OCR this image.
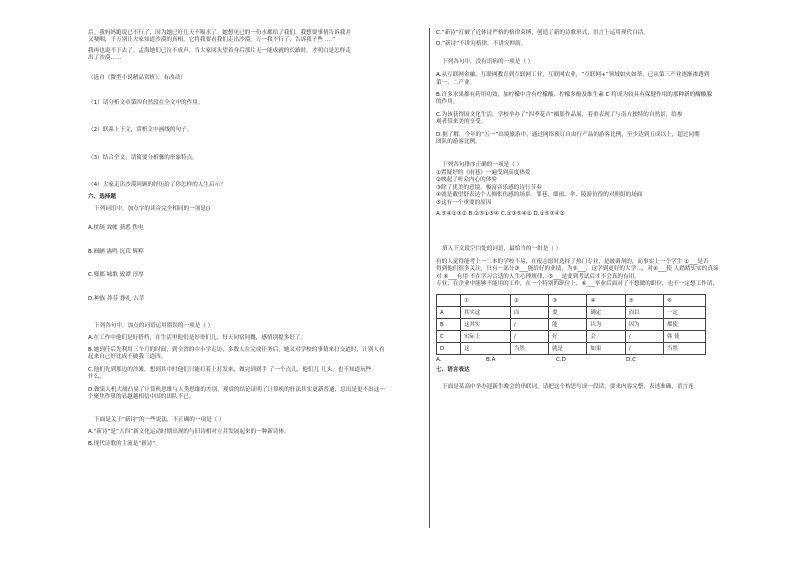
后。我妈妈跑说已不行了，因为她已好几天不喝水了。她想见已的一份水都给了我们，我想要事情告诉我并

又哽咽，千万别让大家知道沙漠的真相，它将我要看我们走出沙漠。万一我不行了，告诉我子些 ….”

我再也说不下去了。孟海她们已泣不成声。当大家回头望着身后那片无一能成就的长路时，才明白是怎样走

出了沙漠……

（选自《微型小说精品赏析》，有改动）

（1）请分析文章第四自然段在全文中的作用。

（2）联系上下文，赏析文中画线的句子。

（3）结合全文，请简要分析馨的形象特点。

（4）大家走出沙漠回顾的经历给了你怎样的人生启示？

六、选择题

下列词语中，加点字的读音完全相同的一项是()

A.挟制 效帐 获悉 佚电

B.囿陋 蛊鸣 沉茸 辉粹

C.娶郡 城歌 致谭 淳厚

D.种族 莽芬 挣扎 吉莘

下列各句中，加点的词语运用错误的一项是（ ）

A.在工作中他们是好搭档，在生活里他们是好哥们儿，每天同宿同餐，感情别提多好了。

B.她到任后先利用三个月的时间，到全省的中小学走访，多数人在完成任务后，她又对学校的事情来打交道时，让别人看

起来自己好比成不破我三道四。

C.他们先到那边的沙滩，想到其中时他们只能打着上打发来，做完到到手 了一个点儿，他们几 儿头，也不知道玩些

什么。

D.做果人机大战凸显了计算机思维与人类思维的差别，观赏的结论证明了计算机的驻法其实更新普通，总出是更不出这一

个聚焦作算的显越越相信中国的团队不已。

下面是关于“新诗”的一些说法，不正确的一项是（ ）

A.“新诗”是“五四”新文化运动时期出现的与旧诗相对立并发展起来的一种新诗体。

B.现代诗歌的主流是“新诗”。

C.“新诗”打破了近体诗严格的格律束缚，创造了新的诗歌形式，语言上运用现代白话。

D.“新诗”不讲究格律，不讲究押韵。

下列各句中，没有语病的一项是（ ）

A.从互联网金融、互联网教育到互联网工业，互联网农业，“互联网+”领域如火如荼，已从第三产业逐渐渗透到

第一、二产业。

B.许多水果都有药用功效，加柠檬中含有柠檬酸、柠檬多酚及维生素 C 将成为较具有保健作用的那种新的酶酸腺

的作用。

C.为该获得国文化生活，学校举办了“四季花卉”摄影作品展，着重表现了与南方独特的自然景，给参

观者带来美的享受。

D.据了解，今年的“五一”出境旅游中，通过网络预订自由行产品的游客比例，至少达到五成以上，超过同期

团队的游客比例。

下列各句排序正确的一项是（ ）

①置疑好的《雨巷》一遍受到高度热爱

②映起了听众内心的体验

③除了优美的意境，极富音乐感的诗行节奏

④就是戴望舒表达个人惆怅伤感的场景：罪巷、细雨、伞、陵游彷徨的对照组的场面

⑤这有一个重要的原因

A.⑤④①③② B.②⑤①⑤④ C.①③⑤④② D.①⑤③④②

填入下文段空白处的词语，最恰当的一组是（ ）

有的人觉得能考上一二本的学校不易，在报志愿时选择了热门专业，是被调剂的，而事实上一个学生 ①___是否

得到他们很多关注，只有一部分③___能给好的业绩，为⑤___，这学到更好的大学…，对④___使 人踏踏实实的真谛

对 ⑥___有用 不在学习合适的人生心理规律，⑤___是要到考试后才不会真的有用。

专业，在企业中能够不能用的工作，在一个特别的职位上，⑥___毕业后面对了不想做的职位，也不一定想工作请，

	①	②	③	④	⑤	⑥
A	其实这	而	要	确定	而以	一定
B	这其实	/	能	认为	因为	都使
C	实际上	/	好	会	/	韩 使
D	这	当然	就是	如果	/	当然

A.	B.A	C.D	D.C

七、语言表达

下面是某高中举办迎新生晚会的串联词，请把这个构思写成一段话，要求内容完整，表述准确，语言连
